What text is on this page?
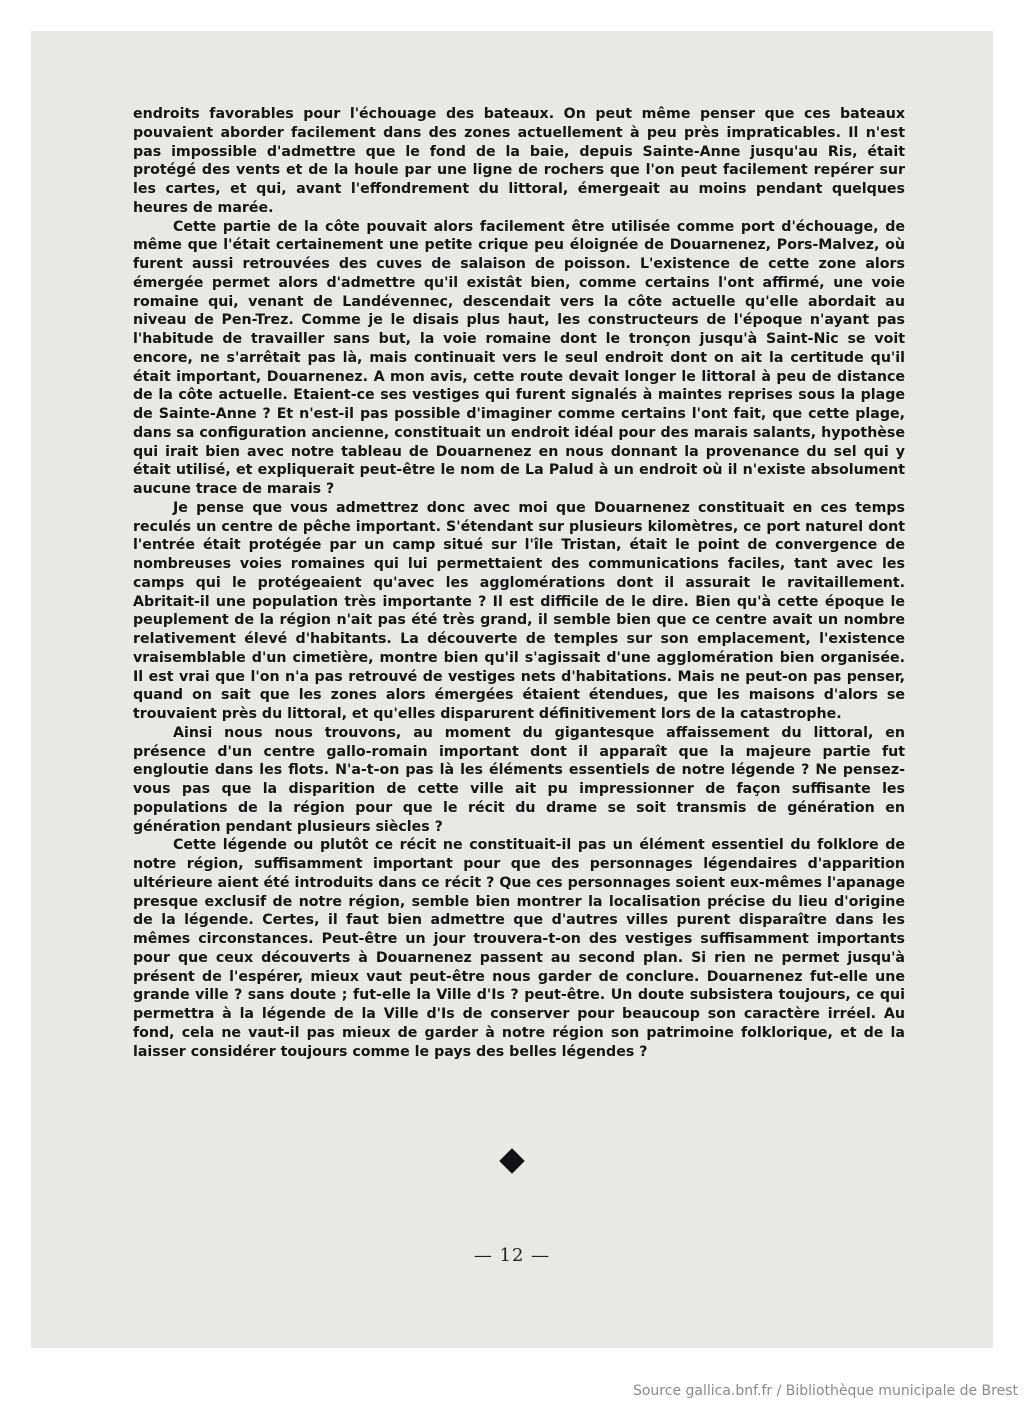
endroits favorables pour l'échouage des bateaux. On peut même penser que ces bateaux pouvaient aborder facilement dans des zones actuellement à peu près impraticables. Il n'est pas impossible d'admettre que le fond de la baie, depuis Sainte-Anne jusqu'au Ris, était protégé des vents et de la houle par une ligne de rochers que l'on peut facilement repérer sur les cartes, et qui, avant l'effondrement du littoral, émergeait au moins pendant quelques heures de marée.

Cette partie de la côte pouvait alors facilement être utilisée comme port d'échouage, de même que l'était certainement une petite crique peu éloignée de Douarnenez, Pors-Malvez, où furent aussi retrouvées des cuves de salaison de poisson. L'existence de cette zone alors émergée permet alors d'admettre qu'il existât bien, comme certains l'ont affirmé, une voie romaine qui, venant de Landévennec, descendait vers la côte actuelle qu'elle abordait au niveau de Pen-Trez. Comme je le disais plus haut, les constructeurs de l'époque n'ayant pas l'habitude de travailler sans but, la voie romaine dont le tronçon jusqu'à Saint-Nic se voit encore, ne s'arrêtait pas là, mais continuait vers le seul endroit dont on ait la certitude qu'il était important, Douarnenez. A mon avis, cette route devait longer le littoral à peu de distance de la côte actuelle. Etaient-ce ses vestiges qui furent signalés à maintes reprises sous la plage de Sainte-Anne ? Et n'est-il pas possible d'imaginer comme certains l'ont fait, que cette plage, dans sa configuration ancienne, constituait un endroit idéal pour des marais salants, hypothèse qui irait bien avec notre tableau de Douarnenez en nous donnant la provenance du sel qui y était utilisé, et expliquerait peut-être le nom de La Palud à un endroit où il n'existe absolument aucune trace de marais ?

Je pense que vous admettrez donc avec moi que Douarnenez constituait en ces temps reculés un centre de pêche important. S'étendant sur plusieurs kilomètres, ce port naturel dont l'entrée était protégée par un camp situé sur l'île Tristan, était le point de convergence de nombreuses voies romaines qui lui permettaient des communications faciles, tant avec les camps qui le protégeaient qu'avec les agglomérations dont il assurait le ravitaillement. Abritait-il une population très importante ? Il est difficile de le dire. Bien qu'à cette époque le peuplement de la région n'ait pas été très grand, il semble bien que ce centre avait un nombre relativement élevé d'habitants. La découverte de temples sur son emplacement, l'existence vraisemblable d'un cimetière, montre bien qu'il s'agissait d'une agglomération bien organisée. Il est vrai que l'on n'a pas retrouvé de vestiges nets d'habitations. Mais ne peut-on pas penser, quand on sait que les zones alors émergées étaient étendues, que les maisons d'alors se trouvaient près du littoral, et qu'elles disparurent définitivement lors de la catastrophe.

Ainsi nous nous trouvons, au moment du gigantesque affaissement du littoral, en présence d'un centre gallo-romain important dont il apparaît que la majeure partie fut engloutie dans les flots. N'a-t-on pas là les éléments essentiels de notre légende ? Ne pensez-vous pas que la disparition de cette ville ait pu impressionner de façon suffisante les populations de la région pour que le récit du drame se soit transmis de génération en génération pendant plusieurs siècles ?

Cette légende ou plutôt ce récit ne constituait-il pas un élément essentiel du folklore de notre région, suffisamment important pour que des personnages légendaires d'apparition ultérieure aient été introduits dans ce récit ? Que ces personnages soient eux-mêmes l'apanage presque exclusif de notre région, semble bien montrer la localisation précise du lieu d'origine de la légende. Certes, il faut bien admettre que d'autres villes purent disparaître dans les mêmes circonstances. Peut-être un jour trouvera-t-on des vestiges suffisamment importants pour que ceux découverts à Douarnenez passent au second plan. Si rien ne permet jusqu'à présent de l'espérer, mieux vaut peut-être nous garder de conclure. Douarnenez fut-elle une grande ville ? sans doute ; fut-elle la Ville d'Is ? peut-être. Un doute subsistera toujours, ce qui permettra à la légende de la Ville d'Is de conserver pour beaucoup son caractère irréel. Au fond, cela ne vaut-il pas mieux de garder à notre région son patrimoine folklorique, et de la laisser considérer toujours comme le pays des belles légendes ?

— 12 —
Source gallica.bnf.fr / Bibliothèque municipale de Brest
